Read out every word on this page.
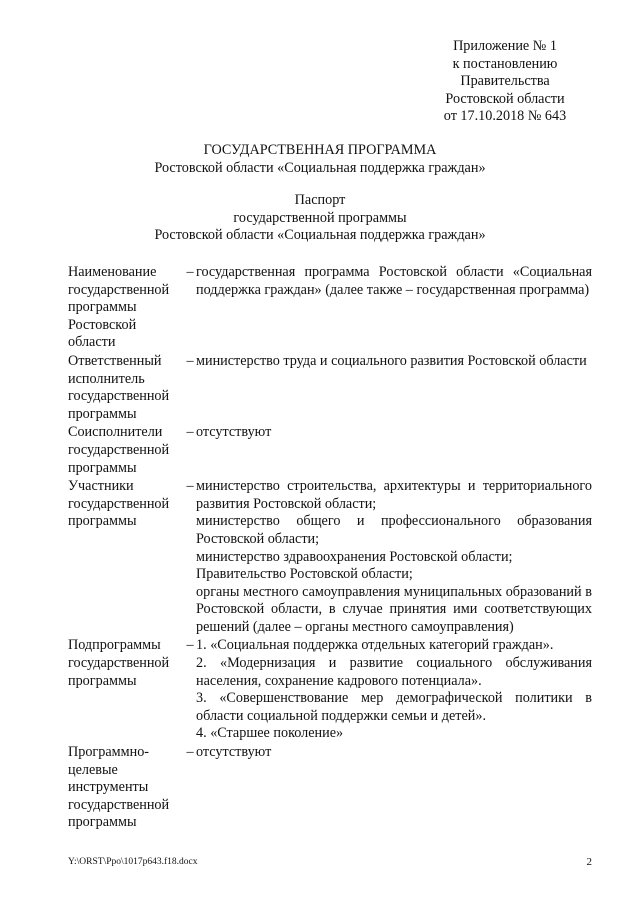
Приложение № 1
к постановлению
Правительства
Ростовской области
от 17.10.2018 № 643
ГОСУДАРСТВЕННАЯ ПРОГРАММА
Ростовской области «Социальная поддержка граждан»
Паспорт
государственной программы
Ростовской области «Социальная поддержка граждан»
Наименование
государственной
программы
Ростовской
области
– государственная программа Ростовской области «Социальная поддержка граждан» (далее также – государственная программа)

Ответственный
исполнитель
государственной
программы
– министерство труда и социального развития Ростовской области

Соисполнители
государственной
программы
– отсутствуют

Участники
государственной
программы
– министерство строительства, архитектуры и территориального развития Ростовской области;

министерство общего и профессионального образования Ростовской области;

министерство здравоохранения Ростовской области;

Правительство Ростовской области;

органы местного самоуправления муниципальных образований в Ростовской области, в случае принятия ими соответствующих решений (далее – органы местного самоуправления)

Подпрограммы
государственной
программы
– 1. «Социальная поддержка отдельных категорий граждан».

2. «Модернизация и развитие социального обслуживания населения, сохранение кадрового потенциала».

3. «Совершенствование мер демографической политики в области социальной поддержки семьи и детей».

4. «Старшее поколение»

Программно-
целевые
инструменты
государственной
программы
– отсутствуют

Y:\ORST\Ppo\1017p643.f18.docx	2
